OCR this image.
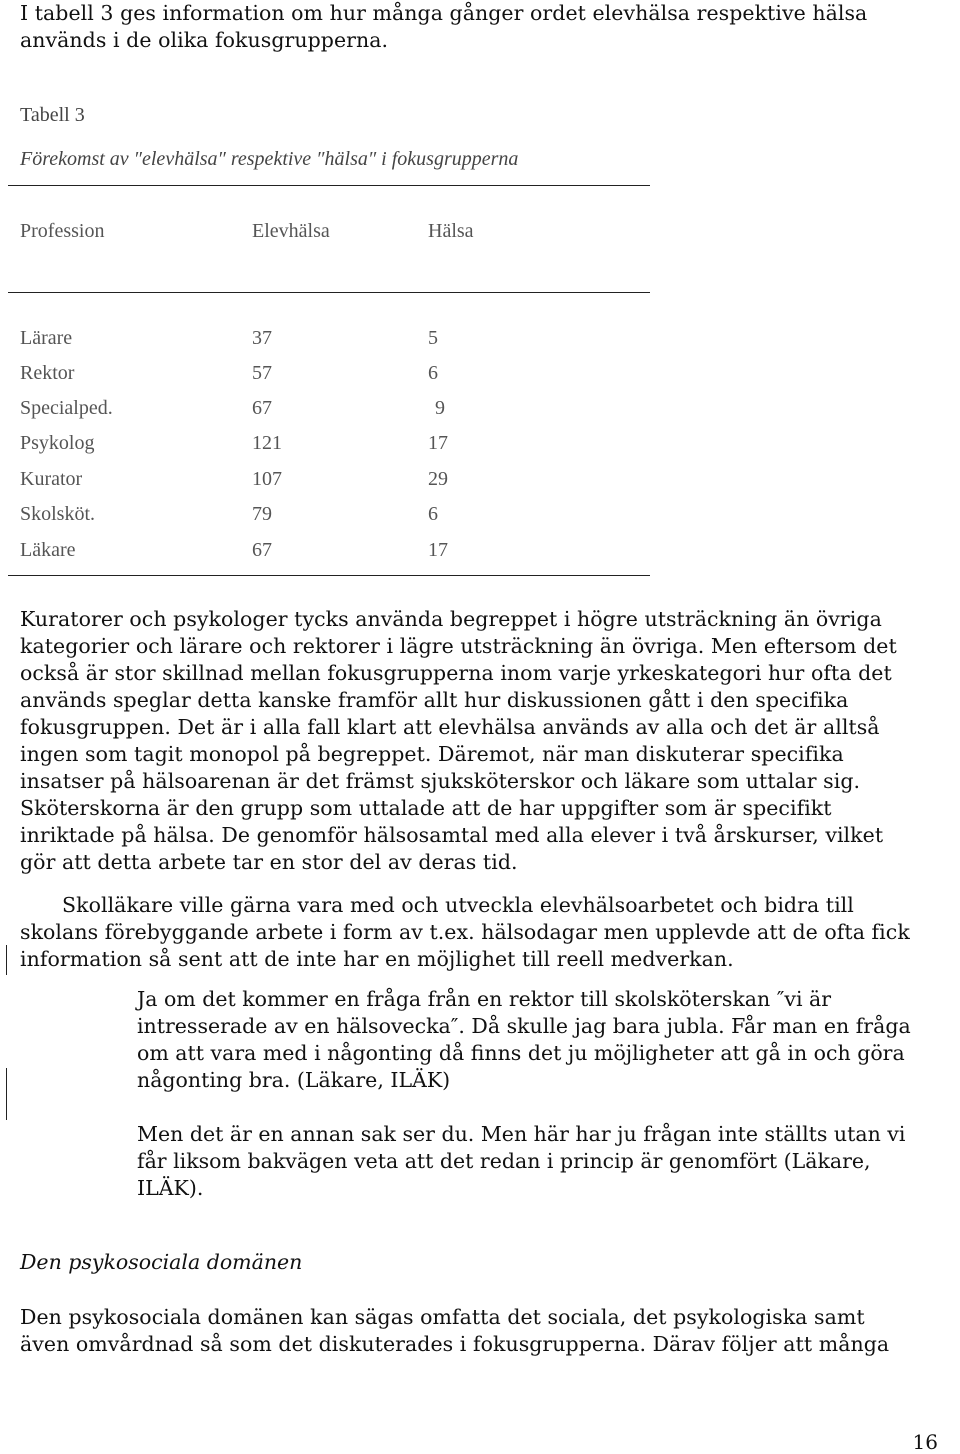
I tabell 3 ges information om hur många gånger ordet elevhälsa respektive hälsa används i de olika fokusgrupperna.
Tabell 3
Förekomst av ″elevhälsa″ respektive ″hälsa″ i fokusgrupperna
Profession	Elevhälsa	Hälsa
Lärare	37	5
Rektor	57	6
Specialped.	67	9
Psykolog	121	17
Kurator	107	29
Skolsköt.	79	6
Läkare	67	17
Kuratorer och psykologer tycks använda begreppet i högre utsträckning än övriga
kategorier och lärare och rektorer i lägre utsträckning än övriga. Men eftersom det
också är stor skillnad mellan fokusgrupperna inom varje yrkeskategori hur ofta det
används speglar detta kanske framför allt hur diskussionen gått i den specifika
fokusgruppen. Det är i alla fall klart att elevhälsa används av alla och det är alltså
ingen som tagit monopol på begreppet. Däremot, när man diskuterar specifika
insatser på hälsoarenan är det främst sjuksköterskor och läkare som uttalar sig.
Sköterskorna är den grupp som uttalade att de har uppgifter som är specifikt
inriktade på hälsa. De genomför hälsosamtal med alla elever i två årskurser, vilket
gör att detta arbete tar en stor del av deras tid.
Skolläkare ville gärna vara med och utveckla elevhälsoarbetet och bidra till
skolans förebyggande arbete i form av t.ex. hälsodagar men upplevde att de ofta fick
information så sent att de inte har en möjlighet till reell medverkan.
Ja om det kommer en fråga från en rektor till skolsköterskan ″vi är
intresserade av en hälsovecka″. Då skulle jag bara jubla. Får man en fråga
om att vara med i någonting då finns det ju möjligheter att gå in och göra
någonting bra. (Läkare, ILÄK)
Men det är en annan sak ser du. Men här har ju frågan inte ställts utan vi
får liksom bakvägen veta att det redan i princip är genomfört (Läkare,
ILÄK).
Den psykosociala domänen
Den psykosociala domänen kan sägas omfatta det sociala, det psykologiska samt
även omvårdnad så som det diskuterades i fokusgrupperna. Därav följer att många
16
